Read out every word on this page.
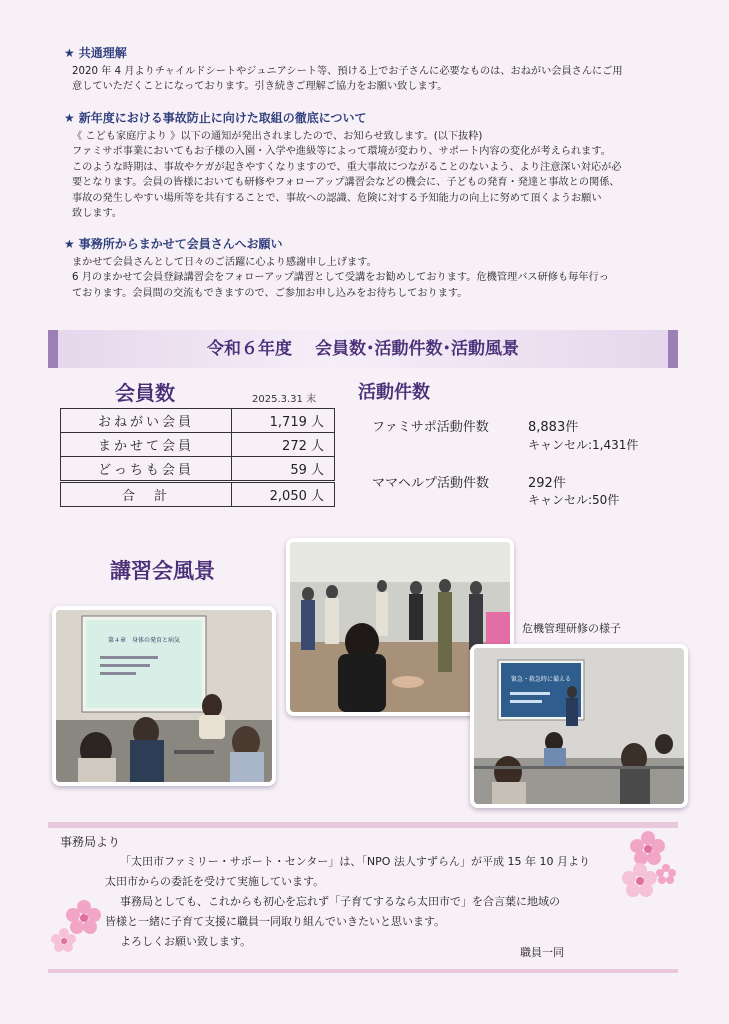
★ 共通理解

2020 年 4 月よりチャイルドシートやジュニアシート等、預ける上でお子さんに必要なものは、おねがい会員さんにご用

意していただくことになっております。引き続きご理解ご協力をお願い致します。

★ 新年度における事故防止に向けた取組の徹底について

《 こども家庭庁より 》以下の通知が発出されましたので、お知らせ致します。(以下抜粋)

ファミサポ事業においてもお子様の入園・入学や進級等によって環境が変わり、サポート内容の変化が考えられます。

このような時期は、事故やケガが起きやすくなりますので、重大事故につながることのないよう、より注意深い対応が必

要となります。会員の皆様においても研修やフォローアップ講習会などの機会に、子どもの発育・発達と事故との関係、

事故の発生しやすい場所等を共有することで、事故への認識、危険に対する予知能力の向上に努めて頂くようお願い

致します。

★ 事務所からまかせて会員さんへお願い

まかせて会員さんとして日々のご活躍に心より感謝申し上げます。

6 月のまかせて会員登録講習会をフォローアップ講習として受講をお勧めしております。危機管理バス研修も毎年行っ

ております。会員間の交流もできますので、ご参加お申し込みをお待ちしております。

令和６年度　 会員数･活動件数･活動風景
会員数	2025.3.31 末
おねがい会員	1,719 人
まかせて会員	272 人
どっちも会員	59 人
合　計	2,050 人
活動件数
ファミサポ活動件数	8,883件
キャンセル:1,431件
ママヘルプ活動件数	292件
キャンセル:50件
講習会風景
第４章　身体の発育と病気
緊急・救急時に備える
危機管理研修の様子

事務局より

「太田市ファミリー・サポート・センター」は、「NPO 法人すずらん」が平成 15 年 10 月より

太田市からの委託を受けて実施しています。

事務局としても、これからも初心を忘れず「子育てするなら太田市で」を合言葉に地域の

皆様と一緒に子育て支援に職員一同取り組んでいきたいと思います。

よろしくお願い致します。

職員一同
